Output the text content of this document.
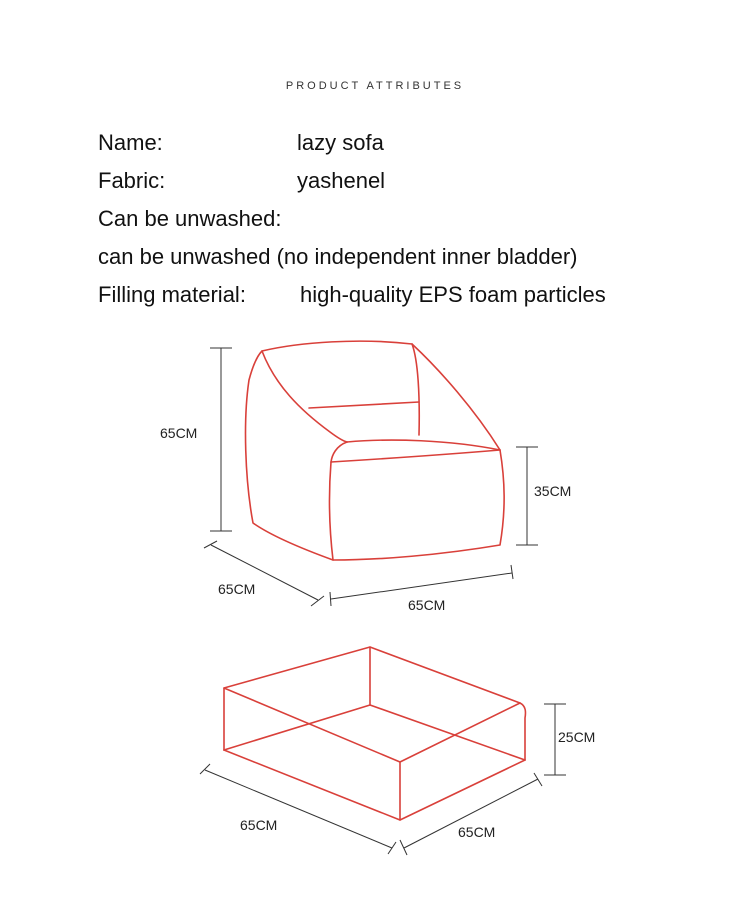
PRODUCT ATTRIBUTES
Name:	lazy sofa
Fabric:	yashenel
Can be unwashed:
can be unwashed (no independent inner bladder)
Filling material: high-quality EPS foam particles
65CM
35CM
65CM
65CM
25CM
65CM	65CM
